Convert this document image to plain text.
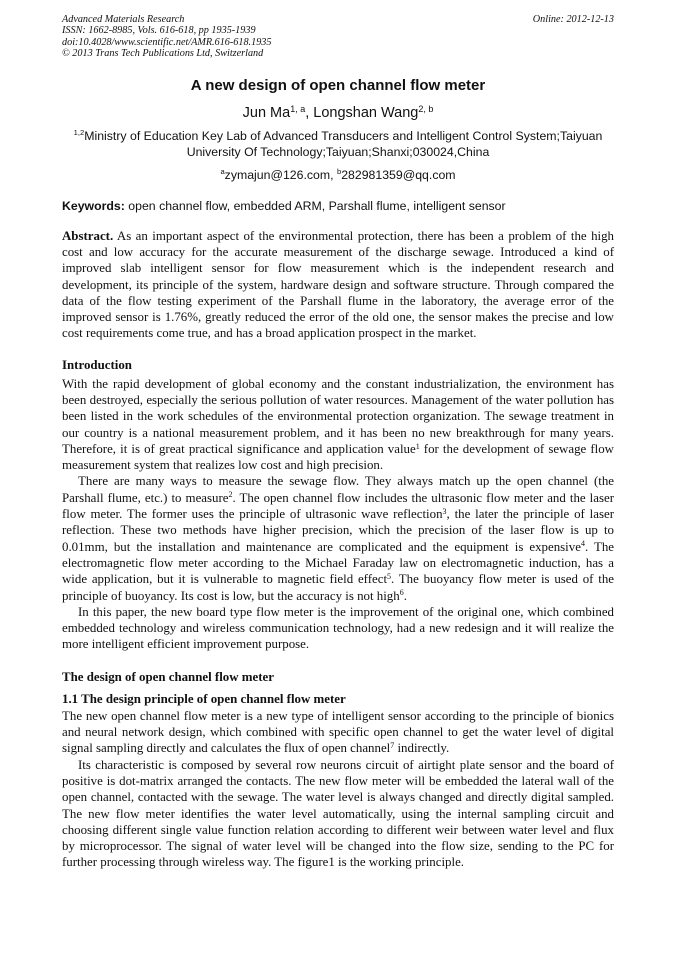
Advanced Materials Research
ISSN: 1662-8985, Vols. 616-618, pp 1935-1939
doi:10.4028/www.scientific.net/AMR.616-618.1935
© 2013 Trans Tech Publications Ltd, Switzerland
Online: 2012-12-13
A new design of open channel flow meter
Jun Ma$^{1, a}$, Longshan Wang$^{2, b}$
$^{1,2}$Ministry of Education Key Lab of Advanced Transducers and Intelligent Control System;Taiyuan
University Of Technology;Taiyuan;Shanxi;030024,China
$^a$zymajun@126.com, $^b$282981359@qq.com
Keywords: open channel flow, embedded ARM, Parshall flume, intelligent sensor

Abstract. As an important aspect of the environmental protection, there has been a problem of the high cost and low accuracy for the accurate measurement of the discharge sewage. Introduced a kind of improved slab intelligent sensor for flow measurement which is the independent research and development, its principle of the system, hardware design and software structure. Through compared the data of the flow testing experiment of the Parshall flume in the laboratory, the average error of the improved sensor is 1.76%, greatly reduced the error of the old one, the sensor makes the precise and low cost requirements come true, and has a broad application prospect in the market.

Introduction

With the rapid development of global economy and the constant industrialization, the environment has been destroyed, especially the serious pollution of water resources. Management of the water pollution has been listed in the work schedules of the environmental protection organization. The sewage treatment in our country is a national measurement problem, and it has been no new breakthrough for many years. Therefore, it is of great practical significance and application value$^1$ for the development of sewage flow measurement system that realizes low cost and high precision.

There are many ways to measure the sewage flow. They always match up the open channel (the Parshall flume, etc.) to measure$^2$. The open channel flow includes the ultrasonic flow meter and the laser flow meter. The former uses the principle of ultrasonic wave reflection$^3$, the later the principle of laser reflection. These two methods have higher precision, which the precision of the laser flow is up to 0.01mm, but the installation and maintenance are complicated and the equipment is expensive$^4$. The electromagnetic flow meter according to the Michael Faraday law on electromagnetic induction, has a wide application, but it is vulnerable to magnetic field effect$^5$. The buoyancy flow meter is used of the principle of buoyancy. Its cost is low, but the accuracy is not high$^6$.

In this paper, the new board type flow meter is the improvement of the original one, which combined embedded technology and wireless communication technology, had a new redesign and it will realize the more intelligent efficient improvement purpose.

The design of open channel flow meter
1.1 The design principle of open channel flow meter

The new open channel flow meter is a new type of intelligent sensor according to the principle of bionics and neural network design, which combined with specific open channel to get the water level of digital signal sampling directly and calculates the flux of open channel$^7$ indirectly.

Its characteristic is composed by several row neurons circuit of airtight plate sensor and the board of positive is dot-matrix arranged the contacts. The new flow meter will be embedded the lateral wall of the open channel, contacted with the sewage. The water level is always changed and directly digital sampled. The new flow meter identifies the water level automatically, using the internal sampling circuit and choosing different single value function relation according to different weir between water level and flux by microprocessor. The signal of water level will be changed into the flow size, sending to the PC for further processing through wireless way. The figure1 is the working principle.
